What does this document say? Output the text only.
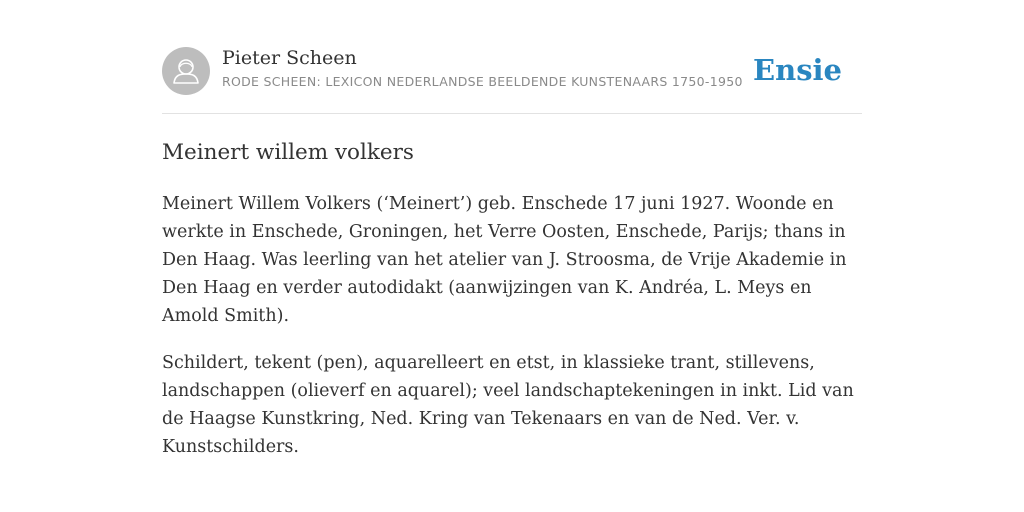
Pieter Scheen
RODE SCHEEN: LEXICON NEDERLANDSE BEELDENDE KUNSTENAARS 1750-1950 Ensie
Meinert willem volkers

Meinert Willem Volkers (‘Meinert’) geb. Enschede 17 juni 1927. Woonde en werkte in Enschede, Groningen, het Verre Oosten, Enschede, Parijs; thans in Den Haag. Was leerling van het atelier van J. Stroosma, de Vrije Akademie in Den Haag en verder autodidakt (aanwijzingen van K. Andréa, L. Meys en Amold Smith).

Schildert, tekent (pen), aquarelleert en etst, in klassieke trant, stillevens, landschappen (olieverf en aquarel); veel landschaptekeningen in inkt. Lid van de Haagse Kunstkring, Ned. Kring van Tekenaars en van de Ned. Ver. v. Kunstschilders.
